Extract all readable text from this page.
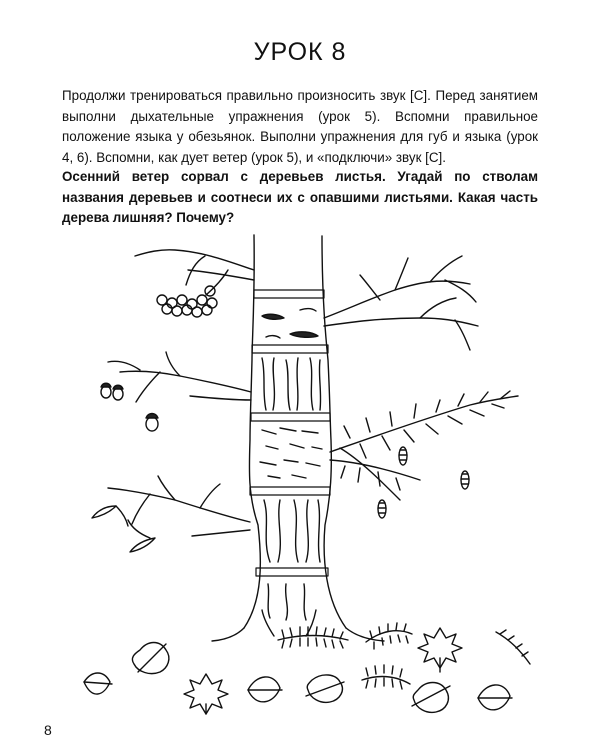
УРОК 8

Продолжи тренироваться правильно произносить звук [С]. Перед занятием выполни дыхательные упражнения (урок 5). Вспомни правильное положение языка у обезьянок. Выполни упражнения для губ и языка (урок 4, 6). Вспомни, как дует ветер (урок 5), и «подключи» звук [С].

Осенний ветер сорвал с деревьев листья. Угадай по стволам названия деревьев и соотнеси их с опавшими листьями. Какая часть дерева лишняя? Почему?

8
